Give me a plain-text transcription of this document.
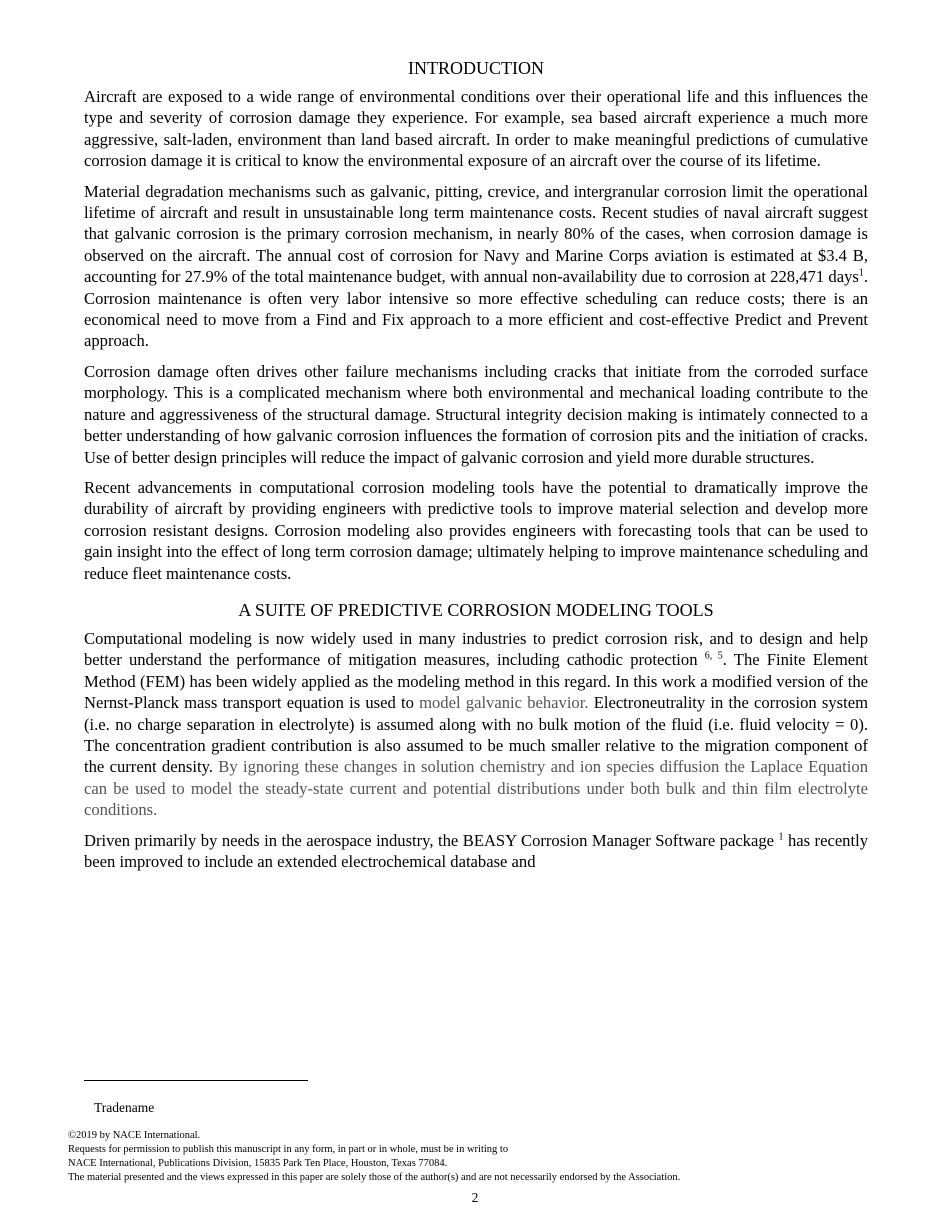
INTRODUCTION

Aircraft are exposed to a wide range of environmental conditions over their operational life and this influences the type and severity of corrosion damage they experience. For example, sea based aircraft experience a much more aggressive, salt-laden, environment than land based aircraft. In order to make meaningful predictions of cumulative corrosion damage it is critical to know the environmental exposure of an aircraft over the course of its lifetime.

Material degradation mechanisms such as galvanic, pitting, crevice, and intergranular corrosion limit the operational lifetime of aircraft and result in unsustainable long term maintenance costs. Recent studies of naval aircraft suggest that galvanic corrosion is the primary corrosion mechanism, in nearly 80% of the cases, when corrosion damage is observed on the aircraft. The annual cost of corrosion for Navy and Marine Corps aviation is estimated at $3.4 B, accounting for 27.9% of the total maintenance budget, with annual non-availability due to corrosion at 228,471 days$^1$. Corrosion maintenance is often very labor intensive so more effective scheduling can reduce costs; there is an economical need to move from a Find and Fix approach to a more efficient and cost-effective Predict and Prevent approach.

Corrosion damage often drives other failure mechanisms including cracks that initiate from the corroded surface morphology. This is a complicated mechanism where both environmental and mechanical loading contribute to the nature and aggressiveness of the structural damage. Structural integrity decision making is intimately connected to a better understanding of how galvanic corrosion influences the formation of corrosion pits and the initiation of cracks. Use of better design principles will reduce the impact of galvanic corrosion and yield more durable structures.

Recent advancements in computational corrosion modeling tools have the potential to dramatically improve the durability of aircraft by providing engineers with predictive tools to improve material selection and develop more corrosion resistant designs. Corrosion modeling also provides engineers with forecasting tools that can be used to gain insight into the effect of long term corrosion damage; ultimately helping to improve maintenance scheduling and reduce fleet maintenance costs.

A SUITE OF PREDICTIVE CORROSION MODELING TOOLS

Computational modeling is now widely used in many industries to predict corrosion risk, and to design and help better understand the performance of mitigation measures, including cathodic protection $^{6, 5}$. The Finite Element Method (FEM) has been widely applied as the modeling method in this regard. In this work a modified version of the Nernst-Planck mass transport equation is used to model galvanic behavior. Electroneutrality in the corrosion system (i.e. no charge separation in electrolyte) is assumed along with no bulk motion of the fluid (i.e. fluid velocity = 0). The concentration gradient contribution is also assumed to be much smaller relative to the migration component of the current density. By ignoring these changes in solution chemistry and ion species diffusion the Laplace Equation can be used to model the steady-state current and potential distributions under both bulk and thin film electrolyte conditions.

Driven primarily by needs in the aerospace industry, the BEASY Corrosion Manager Software package $^1$ has recently been improved to include an extended electrochemical database and

Tradename
©2019 by NACE International.
Requests for permission to publish this manuscript in any form, in part or in whole, must be in writing to
NACE International, Publications Division, 15835 Park Ten Place, Houston, Texas 77084.
The material presented and the views expressed in this paper are solely those of the author(s) and are not necessarily endorsed by the Association.
2
